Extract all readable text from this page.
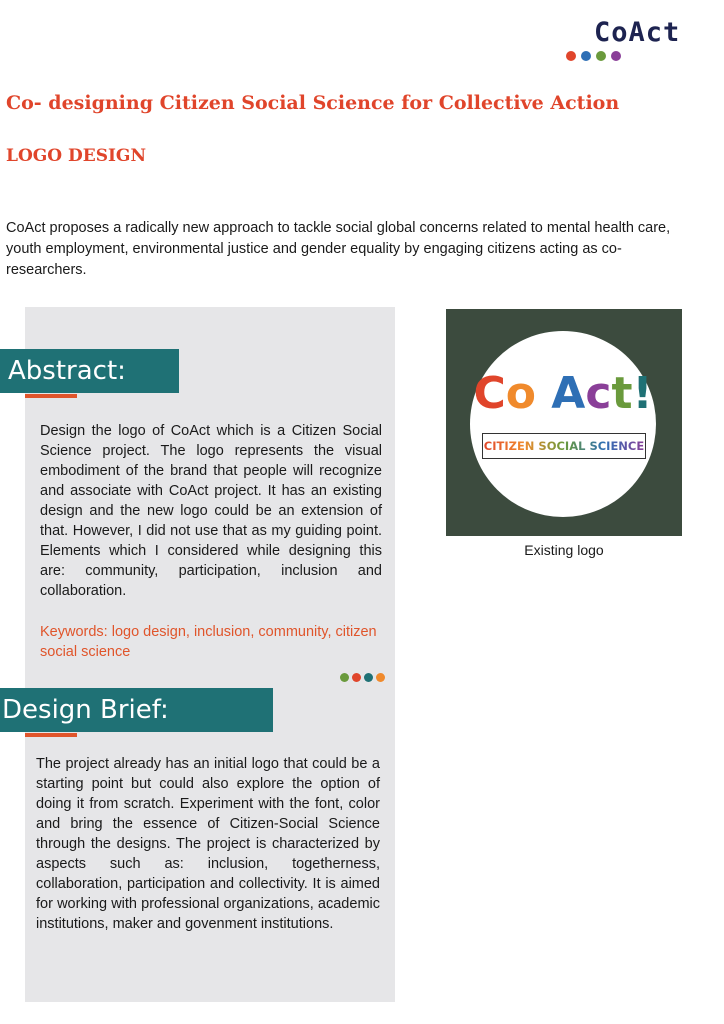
CoAct
Co- designing Citizen Social Science for Collective Action
LOGO DESIGN

CoAct proposes a radically new approach to tackle social global concerns related to mental health care, youth employment, environmental justice and gender equality by engaging citizens acting as co-researchers.

Abstract:

Design the logo of CoAct which is a Citizen Social Science project. The logo represents the visual embodiment of the brand that people will recognize and associate with CoAct project. It has an existing design and the new logo could be an extension of that. However, I did not use that as my guiding point. Elements which I considered while designing this are: community, participation, inclusion and collaboration.

Keywords: logo design, inclusion, community, citizen social science

Design Brief:

The project already has an initial logo that could be a starting point but could also explore the option of doing it from scratch. Experiment with the font, color and bring the essence of Citizen-Social Science through the designs. The project is characterized by aspects such as: inclusion, togetherness, collaboration, participation and collectivity. It is aimed for working with professional organizations, academic institutions, maker and govenment institutions.

Co Act!
CITIZEN SOCIAL SCIENCE

Existing logo
